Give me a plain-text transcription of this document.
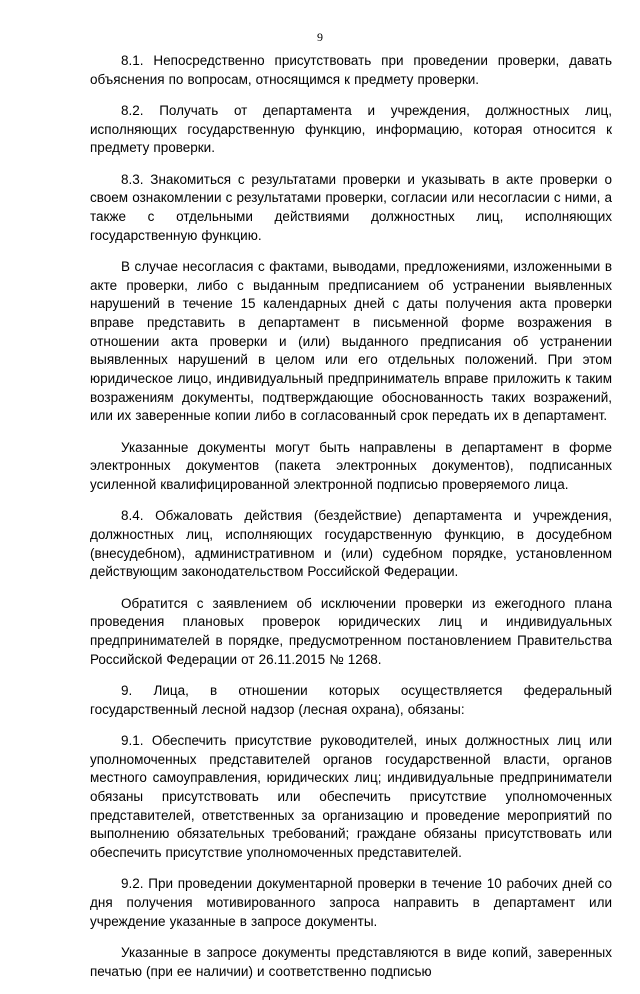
9

8.1. Непосредственно присутствовать при проведении проверки, давать объяснения по вопросам, относящимся к предмету проверки.

8.2. Получать от департамента и учреждения, должностных лиц, исполняющих государственную функцию, информацию, которая относится к предмету проверки.

8.3. Знакомиться с результатами проверки и указывать в акте проверки о своем ознакомлении с результатами проверки, согласии или несогласии с ними, а также с отдельными действиями должностных лиц, исполняющих государственную функцию.

В случае несогласия с фактами, выводами, предложениями, изложенными в акте проверки, либо с выданным предписанием об устранении выявленных нарушений в течение 15 календарных дней с даты получения акта проверки вправе представить в департамент в письменной форме возражения в отношении акта проверки и (или) выданного предписания об устранении выявленных нарушений в целом или его отдельных положений. При этом юридическое лицо, индивидуальный предприниматель вправе приложить к таким возражениям документы, подтверждающие обоснованность таких возражений, или их заверенные копии либо в согласованный срок передать их в департамент.

Указанные документы могут быть направлены в департамент в форме электронных документов (пакета электронных документов), подписанных усиленной квалифицированной электронной подписью проверяемого лица.

8.4. Обжаловать действия (бездействие) департамента и учреждения, должностных лиц, исполняющих государственную функцию, в досудебном (внесудебном), административном и (или) судебном порядке, установленном действующим законодательством Российской Федерации.

Обратится с заявлением об исключении проверки из ежегодного плана проведения плановых проверок юридических лиц и индивидуальных предпринимателей в порядке, предусмотренном постановлением Правительства Российской Федерации от 26.11.2015 № 1268.

9. Лица, в отношении которых осуществляется федеральный государственный лесной надзор (лесная охрана), обязаны:

9.1. Обеспечить присутствие руководителей, иных должностных лиц или уполномоченных представителей органов государственной власти, органов местного самоуправления, юридических лиц; индивидуальные предприниматели обязаны присутствовать или обеспечить присутствие уполномоченных представителей, ответственных за организацию и проведение мероприятий по выполнению обязательных требований; граждане обязаны присутствовать или обеспечить присутствие уполномоченных представителей.

9.2. При проведении документарной проверки в течение 10 рабочих дней со дня получения мотивированного запроса направить в департамент или учреждение указанные в запросе документы.

Указанные в запросе документы представляются в виде копий, заверенных печатью (при ее наличии) и соответственно подписью
